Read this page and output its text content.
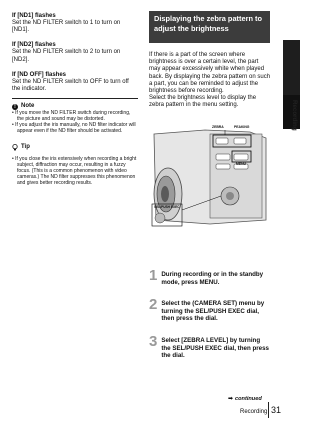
If [ND1] flashes
Set the ND FILTER switch to 1 to turn on [ND1].
If [ND2] flashes
Set the ND FILTER switch to 2 to turn on [ND2].
If [ND OFF] flashes
Set the ND FILTER switch to OFF to turn off the indicator.
! Note
• If you move the ND FILTER switch during recording, the picture and sound may be distorted.
• If you adjust the iris manually, no ND filter indicator will appear even if the ND filter should be activated.
Tip
• If you close the iris extensively when recording a bright subject, diffraction may occur, resulting in a fuzzy focus. (This is a common phenomenon with video cameras.) The ND filter suppresses this phenomenon and gives better recording results.
Displaying the zebra pattern to
adjust the brightness
If there is a part of the screen where brightness is over a certain level, the part may appear excessively white when played back. By displaying the zebra pattern on such a part, you can be reminded to adjust the brightness before recording.
Select the brightness level to display the zebra pattern in the menu setting.
ZEBRA	PEAKING
MENU
SEL/PUSH EXEC
1 During recording or in the standby mode, press MENU.
2 Select the (CAMERA SET) menu by turning the SEL/PUSH EXEC dial, then press the dial.
3 Select [ZEBRA LEVEL] by turning the SEL/PUSH EXEC dial, then press the dial.
Recording
➡ continued
Recording 31
